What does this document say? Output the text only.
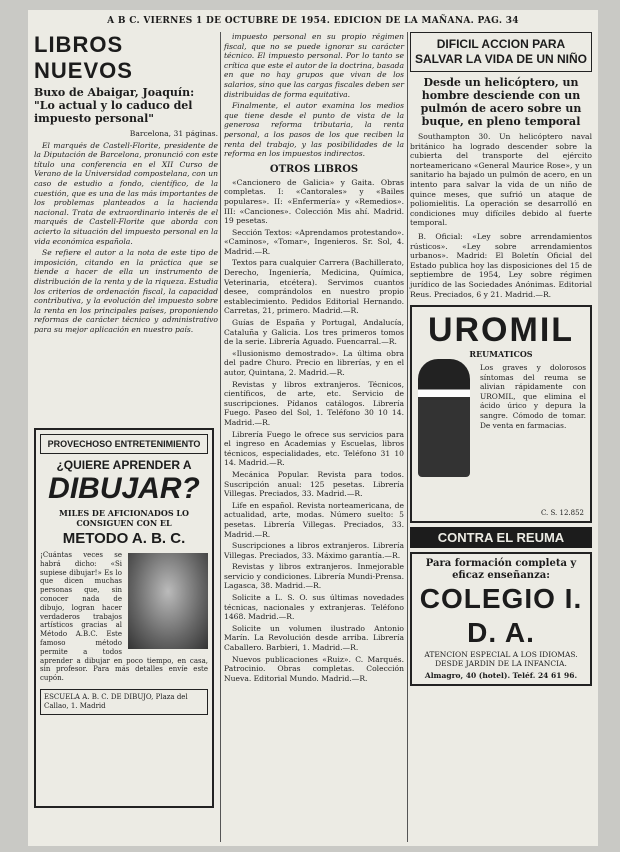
A B C. VIERNES 1 DE OCTUBRE DE 1954. EDICION DE LA MAÑANA. PAG. 34
LIBROS NUEVOS
Buxo de Abaigar, Joaquín: "Lo actual y lo caduco del impuesto personal"

Barcelona, 31 páginas.

El marqués de Castell-Florite, presidente de la Diputación de Barcelona, pronunció con este título una conferencia en el XII Curso de Verano de la Universidad compostelana, con un caso de estudio a fondo, científico, de la cuestión, que es una de las más importantes de los problemas planteados a la hacienda nacional. Trata de extraordinario interés de el marqués de Castell-Florite que aborda con acierto la situación del impuesto personal en la vida económica española.

Se refiere el autor a la nota de este tipo de imposición, citando en la práctica que se tiende a hacer de ella un instrumento de distribución de la renta y de la riqueza. Estudia los criterios de ordenación fiscal, la capacidad contributiva, y la evolución del impuesto sobre la renta en los principales países, proponiendo reformas de carácter técnico y administrativo para su mejor aplicación en nuestro país.

PROVECHOSO ENTRETENIMIENTO
¿QUIERE APRENDER A
DIBUJAR?
MILES DE AFICIONADOS LO CONSIGUEN CON EL
METODO A. B. C.

¡Cuántas veces se habrá dicho: «Si supiese dibujar!» Es lo que dicen muchas personas que, sin conocer nada de dibujo, logran hacer verdaderos trabajos artísticos gracias al Método A.B.C. Este famoso método permite a todos aprender a dibujar en poco tiempo, en casa, sin profesor. Para más detalles envíe este cupón.

ESCUELA A. B. C. DE DIBUJO, Plaza del Callao, 1. Madrid

impuesto personal en su propio régimen fiscal, que no se puede ignorar su carácter técnico. El impuesto personal. Por lo tanto se crítica que este el autor de la doctrina, basada en que no hay grupos que vivan de los salarios, sino que las cargas fiscales deben ser distribuidas de forma equitativa.

Finalmente, el autor examina los medios que tiene desde el punto de vista de la generosa reforma tributaria, la renta personal, a los pasos de los que reciben la renta del trabajo, y las posibilidades de la reforma en los impuestos indirectos.

OTROS LIBROS

«Cancionero de Galicia» y Gaita. Obras completas. I: «Cantorales» y «Bailes populares». II: «Enfermería» y «Remedios». III: «Canciones». Colección Mis ahí. Madrid. 19 pesetas.

Sección Textos: «Aprendamos protestando». «Caminos», «Tomar», Ingenieros. Sr. Sol, 4. Madrid.—R.

Textos para cualquier Carrera (Bachillerato, Derecho, Ingeniería, Medicina, Química, Veterinaria, etcétera). Servimos cuantos desee, comprándolos en nuestro propio establecimiento. Pedidos Editorial Hernando. Carretas, 21, primero. Madrid.—R.

Guías de España y Portugal, Andalucía, Cataluña y Galicia. Los tres primeros tomos de la serie. Librería Aguado. Fuencarral.—R.

«Ilusionismo demostrado». La última obra del padre Churo. Precio en librerías, y en el autor, Quintana, 2. Madrid.—R.

Revistas y libros extranjeros. Técnicos, científicos, de arte, etc. Servicio de suscripciones. Pídanos catálogos. Librería Fuego. Paseo del Sol, 1. Teléfono 30 10 14. Madrid.—R.

Librería Fuego le ofrece sus servicios para el ingreso en Academias y Escuelas, libros técnicos, especialidades, etc. Teléfono 31 10 14. Madrid.—R.

Mecánica Popular. Revista para todos. Suscripción anual: 125 pesetas. Librería Villegas. Preciados, 33. Madrid.—R.

Life en español. Revista norteamericana, de actualidad, arte, modas. Número suelto: 5 pesetas. Librería Villegas. Preciados, 33. Madrid.—R.

Suscripciones a libros extranjeros. Librería Villegas. Preciados, 33. Máximo garantía.—R.

Revistas y libros extranjeros. Inmejorable servicio y condiciones. Librería Mundi-Prensa. Lagasca, 38. Madrid.—R.

Solicite a L. S. O. sus últimas novedades técnicas, nacionales y extranjeras. Teléfono 1468. Madrid.—R.

Solicite un volumen ilustrado Antonio Marín. La Revolución desde arriba. Librería Caballero. Barbieri, 1. Madrid.—R.

Nuevos publicaciones «Ruiz». C. Marqués. Patrocinio. Obras completas. Colección Nueva. Editorial Mundo. Madrid.—R.

DIFICIL ACCION PARA SALVAR LA VIDA DE UN NIÑO
Desde un helicóptero, un hombre desciende con un pulmón de acero sobre un buque, en pleno temporal

Southampton 30. Un helicóptero naval británico ha logrado descender sobre la cubierta del transporte del ejército norteamericano «General Maurice Rose», y un sanitario ha bajado un pulmón de acero, en un intento para salvar la vida de un niño de quince meses, que sufrió un ataque de poliomielitis. La operación se desarrolló en condiciones muy difíciles debido al fuerte temporal.

B. Oficial: «Ley sobre arrendamientos rústicos». «Ley sobre arrendamientos urbanos». Madrid: El Boletín Oficial del Estado publica hoy las disposiciones del 15 de septiembre de 1954, Ley sobre régimen jurídico de las Sociedades Anónimas. Editorial Reus. Preciados, 6 y 21. Madrid.—R.

UROMIL
REUMATICOS

Los graves y dolorosos síntomas del reuma se alivian rápidamente con UROMIL, que elimina el ácido úrico y depura la sangre. Cómodo de tomar. De venta en farmacias.

C. S. 12.852
CONTRA EL REUMA
Para formación completa y eficaz enseñanza:
COLEGIO I. D. A.
ATENCION ESPECIAL A LOS IDIOMAS. DESDE JARDIN DE LA INFANCIA.
Almagro, 40 (hotel). Teléf. 24 61 96.
